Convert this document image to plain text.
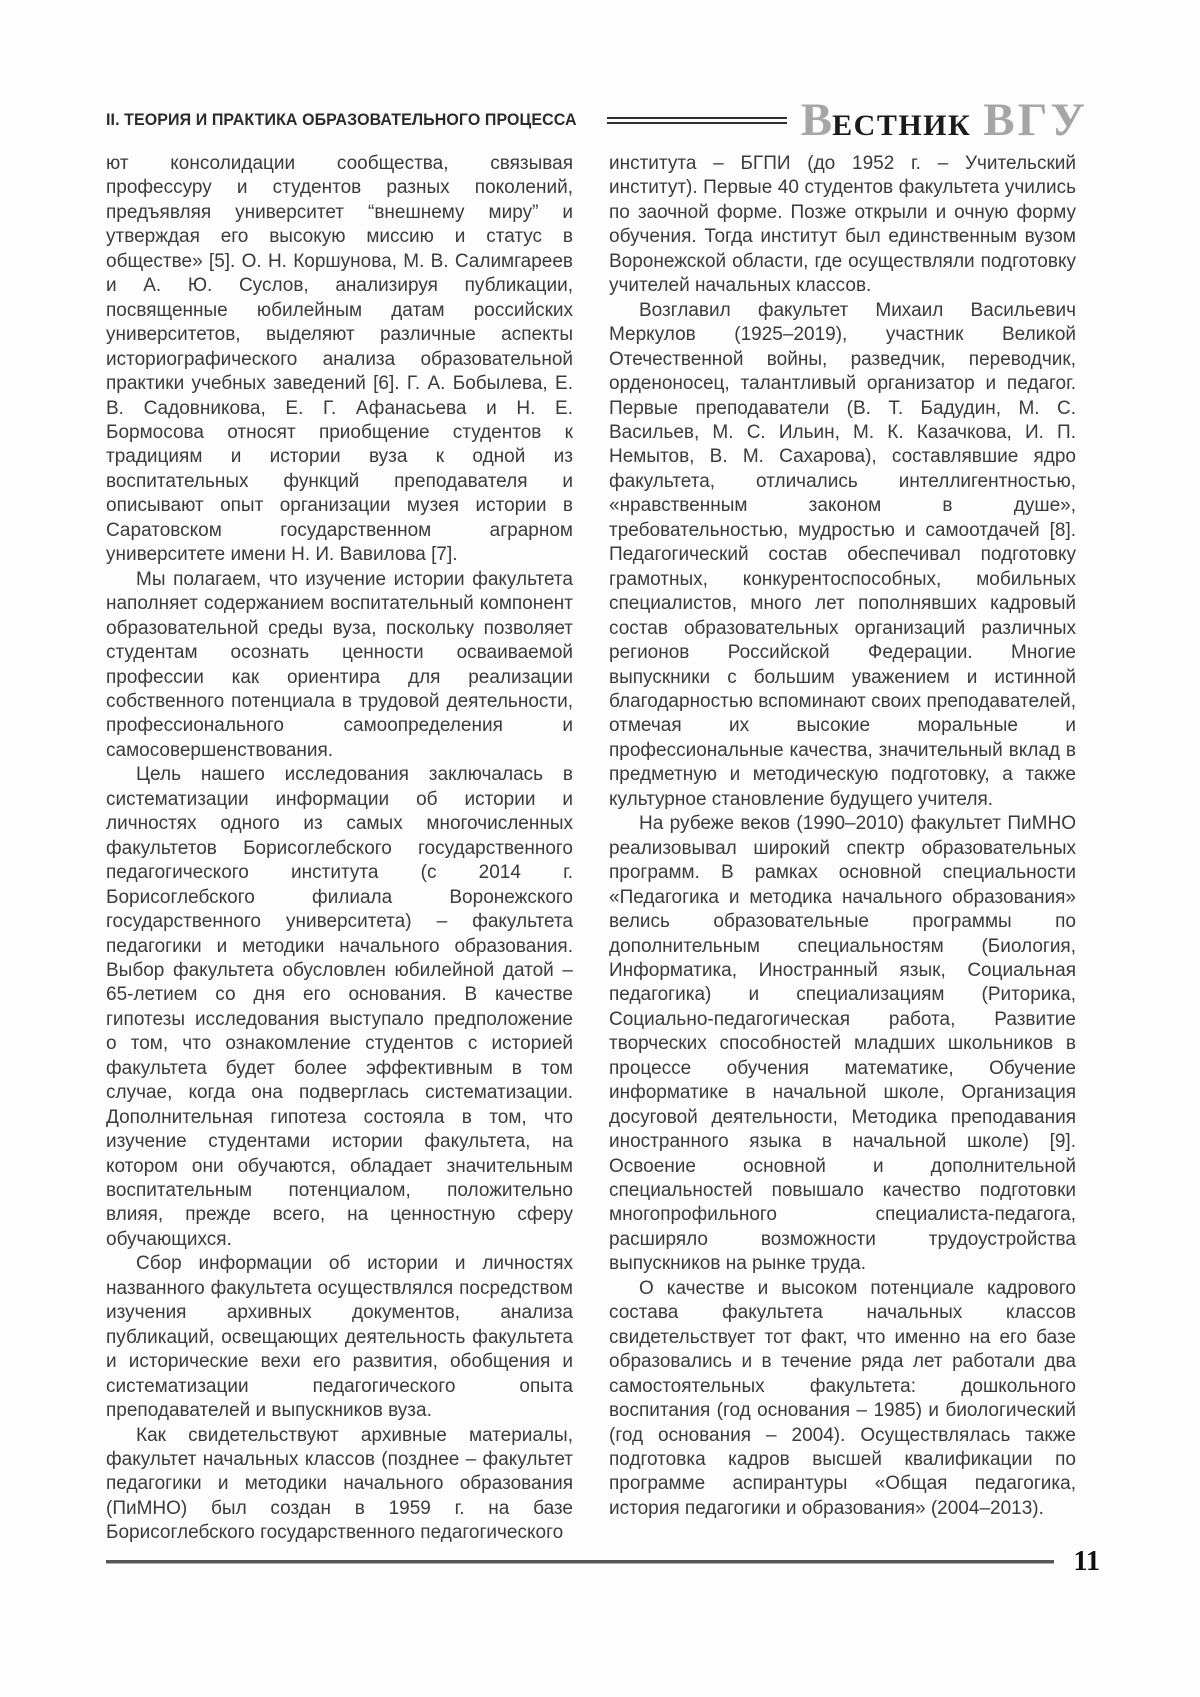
II. ТЕОРИЯ И ПРАКТИКА ОБРАЗОВАТЕЛЬНОГО ПРОЦЕССА	ВЕСТНИК ВГУ

ют консолидации сообщества, связывая профессуру и студентов разных поколений, предъявляя университет “внешнему миру” и утверждая его высокую миссию и статус в обществе» [5]. О. Н. Коршунова, М. В. Салимгареев и А. Ю. Суслов, анализируя публикации, посвященные юбилейным датам российских университетов, выделяют различные аспекты историографического анализа образовательной практики учебных заведений [6]. Г. А. Бобылева, Е. В. Садовникова, Е. Г. Афанасьева и Н. Е. Бормосова относят приобщение студентов к традициям и истории вуза к одной из воспитательных функций преподавателя и описывают опыт организации музея истории в Саратовском государственном аграрном университете имени Н. И. Вавилова [7].

Мы полагаем, что изучение истории факультета наполняет содержанием воспитательный компонент образовательной среды вуза, поскольку позволяет студентам осознать ценности осваиваемой профессии как ориентира для реализации собственного потенциала в трудовой деятельности, профессионального самоопределения и самосовершенствования.

Цель нашего исследования заключалась в систематизации информации об истории и личностях одного из самых многочисленных факультетов Борисоглебского государственного педагогического института (с 2014 г. Борисоглебского филиала Воронежского государственного университета) – факультета педагогики и методики начального образования. Выбор факультета обусловлен юбилейной датой – 65-летием со дня его основания. В качестве гипотезы исследования выступало предположение о том, что ознакомление студентов с историей факультета будет более эффективным в том случае, когда она подверглась систематизации. Дополнительная гипотеза состояла в том, что изучение студентами истории факультета, на котором они обучаются, обладает значительным воспитательным потенциалом, положительно влияя, прежде всего, на ценностную сферу обучающихся.

Сбор информации об истории и личностях названного факультета осуществлялся посредством изучения архивных документов, анализа публикаций, освещающих деятельность факультета и исторические вехи его развития, обобщения и систематизации педагогического опыта преподавателей и выпускников вуза.

Как свидетельствуют архивные материалы, факультет начальных классов (позднее – факультет педагогики и методики начального образования (ПиМНО) был создан в 1959 г. на базе Борисоглебского государственного педагогического

института – БГПИ (до 1952 г. – Учительский институт). Первые 40 студентов факультета учились по заочной форме. Позже открыли и очную форму обучения. Тогда институт был единственным вузом Воронежской области, где осуществляли подготовку учителей начальных классов.

Возглавил факультет Михаил Васильевич Меркулов (1925–2019), участник Великой Отечественной войны, разведчик, переводчик, орденоносец, талантливый организатор и педагог. Первые преподаватели (В. Т. Бадудин, М. С. Васильев, М. С. Ильин, М. К. Казачкова, И. П. Немытов, В. М. Сахарова), составлявшие ядро факультета, отличались интеллигентностью, «нравственным законом в душе», требовательностью, мудростью и самоотдачей [8]. Педагогический состав обеспечивал подготовку грамотных, конкурентоспособных, мобильных специалистов, много лет пополнявших кадровый состав образовательных организаций различных регионов Российской Федерации. Многие выпускники с большим уважением и истинной благодарностью вспоминают своих преподавателей, отмечая их высокие моральные и профессиональные качества, значительный вклад в предметную и методическую подготовку, а также культурное становление будущего учителя.

На рубеже веков (1990–2010) факультет ПиМНО реализовывал широкий спектр образовательных программ. В рамках основной специальности «Педагогика и методика начального образования» велись образовательные программы по дополнительным специальностям (Биология, Информатика, Иностранный язык, Социальная педагогика) и специализациям (Риторика, Социально-педагогическая работа, Развитие творческих способностей младших школьников в процессе обучения математике, Обучение информатике в начальной школе, Организация досуговой деятельности, Методика преподавания иностранного языка в начальной школе) [9]. Освоение основной и дополнительной специальностей повышало качество подготовки многопрофильного специалиста-педагога, расширяло возможности трудоустройства выпускников на рынке труда.

О качестве и высоком потенциале кадрового состава факультета начальных классов свидетельствует тот факт, что именно на его базе образовались и в течение ряда лет работали два самостоятельных факультета: дошкольного воспитания (год основания – 1985) и биологический (год основания – 2004). Осуществлялась также подготовка кадров высшей квалификации по программе аспирантуры «Общая педагогика, история педагогики и образования» (2004–2013).

11
